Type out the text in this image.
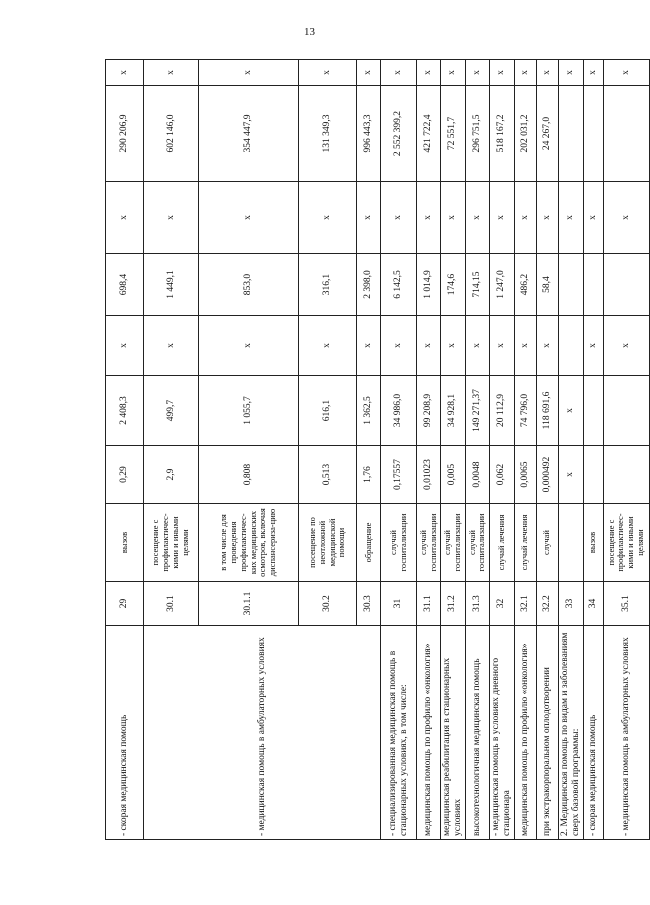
13
- скорая медицинская помощь	29	вызов	0,29	2 408,3	х	698,4	х	290 206,9	х
- медицинская помощь в амбулаторных условиях	30.1	посещение с профилактичес-кими и иными целями	2,9	499,7	х	1 449,1	х	602 146,0	х
	30.1.1	в том числе для проведения профилактичес-ких медицинских осмотров, включая диспансериза-цию	0,808	1 055,7	х	853,0	х	354 447,9	х
	30.2	посещение по неотложной медицинской помощи	0,513	616,1	х	316,1	х	131 349,3	х
	30.3	обращение	1,76	1 362,5	х	2 398,0	х	996 443,3	х
- специализированная медицинская помощь в стационарных условиях, в том числе:	31	случай госпитализации	0,17557	34 986,0	х	6 142,5	х	2 552 399,2	х
медицинская помощь по профилю «онкология»	31.1	случай госпитализации	0,01023	99 208,9	х	1 014,9	х	421 722,4	х
медицинская реабилитация в стационарных условиях	31.2	случай госпитализации	0,005	34 928,1	х	174,6	х	72 551,7	х
высокотехнологичная медицинская помощь	31.3	случай госпитализации	0,0048	149 271,37	х	714,15	х	296 751,5	х
- медицинская помощь в условиях дневного стационара	32	случай лечения	0,062	20 112,9	х	1 247,0	х	518 167,2	х
медицинская помощь по профилю «онкология»	32.1	случай лечения	0,0065	74 796,0	х	486,2	х	202 031,2	х
при экстракорпоральном оплодотворении	32.2	случай	0,000492	118 691,6	х	58,4	х	24 267,0	х
2. Медицинская помощь по видам и заболеваниям сверх базовой программы:	33		х	х			х		х
- скорая медицинская помощь	34	вызов			х		х		х
- медицинская помощь в амбулаторных условиях	35.1	посещение с профилактичес-кими и иными целями			х		х		х
